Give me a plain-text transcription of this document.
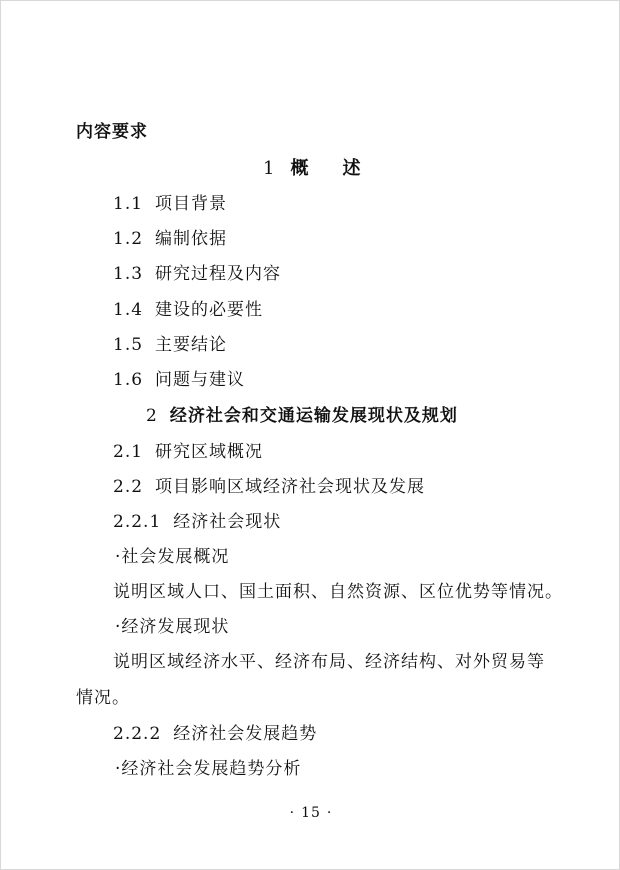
内容要求
1 概 述
1.1 项目背景
1.2 编制依据
1.3 研究过程及内容
1.4 建设的必要性
1.5 主要结论
1.6 问题与建议
2 经济社会和交通运输发展现状及规划
2.1 研究区域概况
2.2 项目影响区域经济社会现状及发展
2.2.1 经济社会现状
·社会发展概况
说明区域人口、国土面积、自然资源、区位优势等情况。
·经济发展现状
说明区域经济水平、经济布局、经济结构、对外贸易等
情况。
2.2.2 经济社会发展趋势
·经济社会发展趋势分析
· 15 ·
